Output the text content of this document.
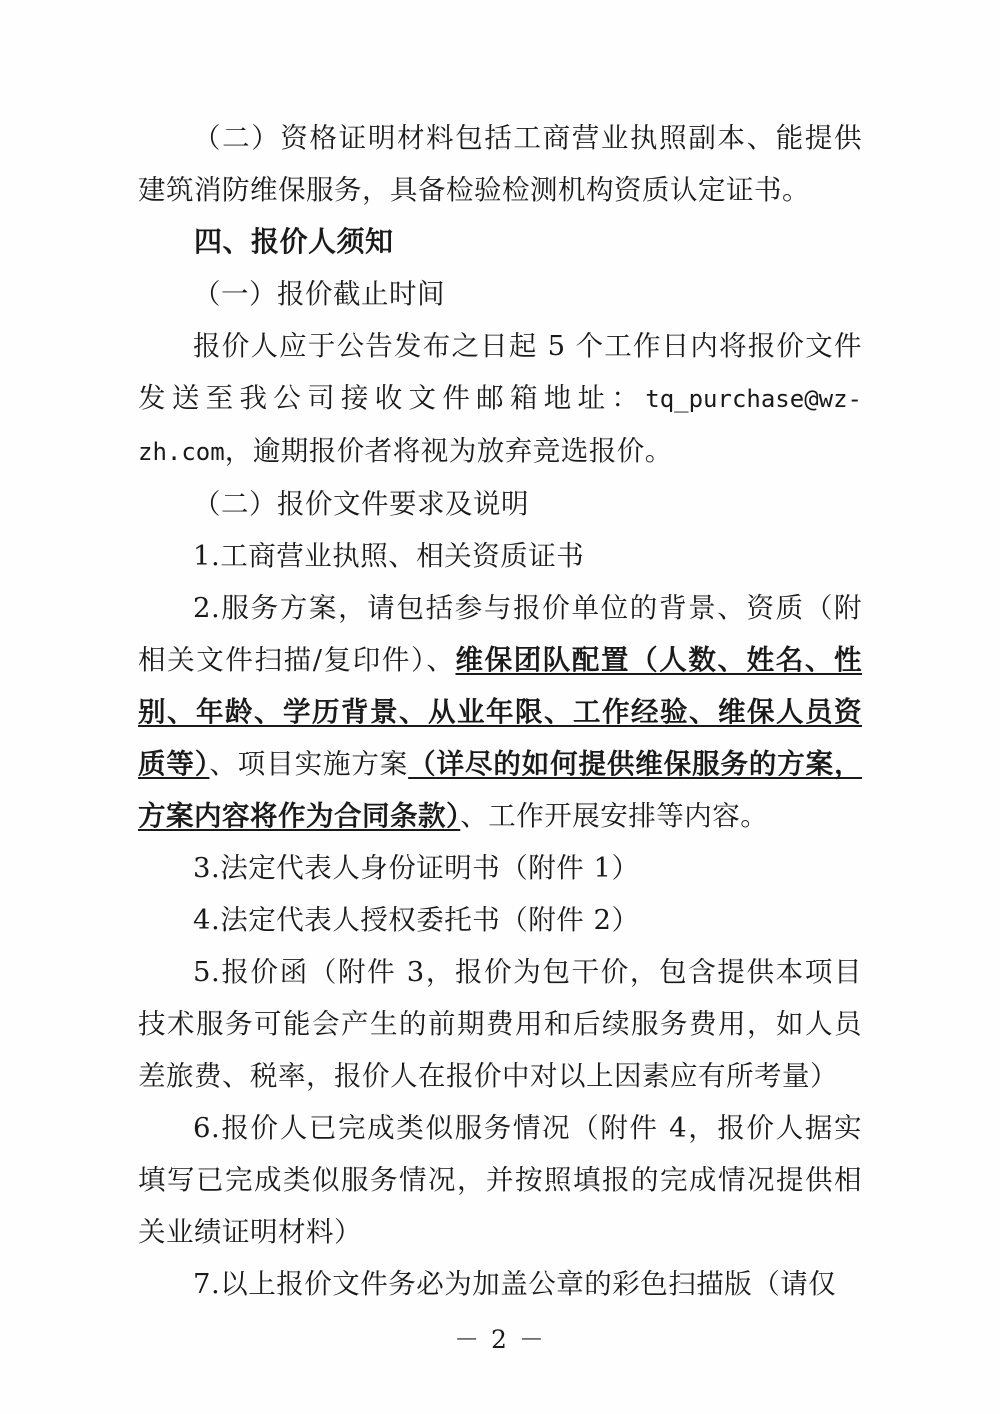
（二）资格证明材料包括工商营业执照副本、能提供建筑消防维保服务，具备检验检测机构资质认定证书。

四、报价人须知

（一）报价截止时间

报价人应于公告发布之日起 5 个工作日内将报价文件发送至我公司接收文件邮箱地址：tq_purchase@wz-zh.com，逾期报价者将视为放弃竞选报价。

（二）报价文件要求及说明

1.工商营业执照、相关资质证书

2.服务方案，请包括参与报价单位的背景、资质（附相关文件扫描/复印件）、维保团队配置（人数、姓名、性别、年龄、学历背景、从业年限、工作经验、维保人员资质等）、项目实施方案（详尽的如何提供维保服务的方案，方案内容将作为合同条款）、工作开展安排等内容。

3.法定代表人身份证明书（附件 1）

4.法定代表人授权委托书（附件 2）

5.报价函（附件 3，报价为包干价，包含提供本项目技术服务可能会产生的前期费用和后续服务费用，如人员差旅费、税率，报价人在报价中对以上因素应有所考量）

6.报价人已完成类似服务情况（附件 4，报价人据实填写已完成类似服务情况，并按照填报的完成情况提供相关业绩证明材料）

7.以上报价文件务必为加盖公章的彩色扫描版（请仅

－ 2 －
